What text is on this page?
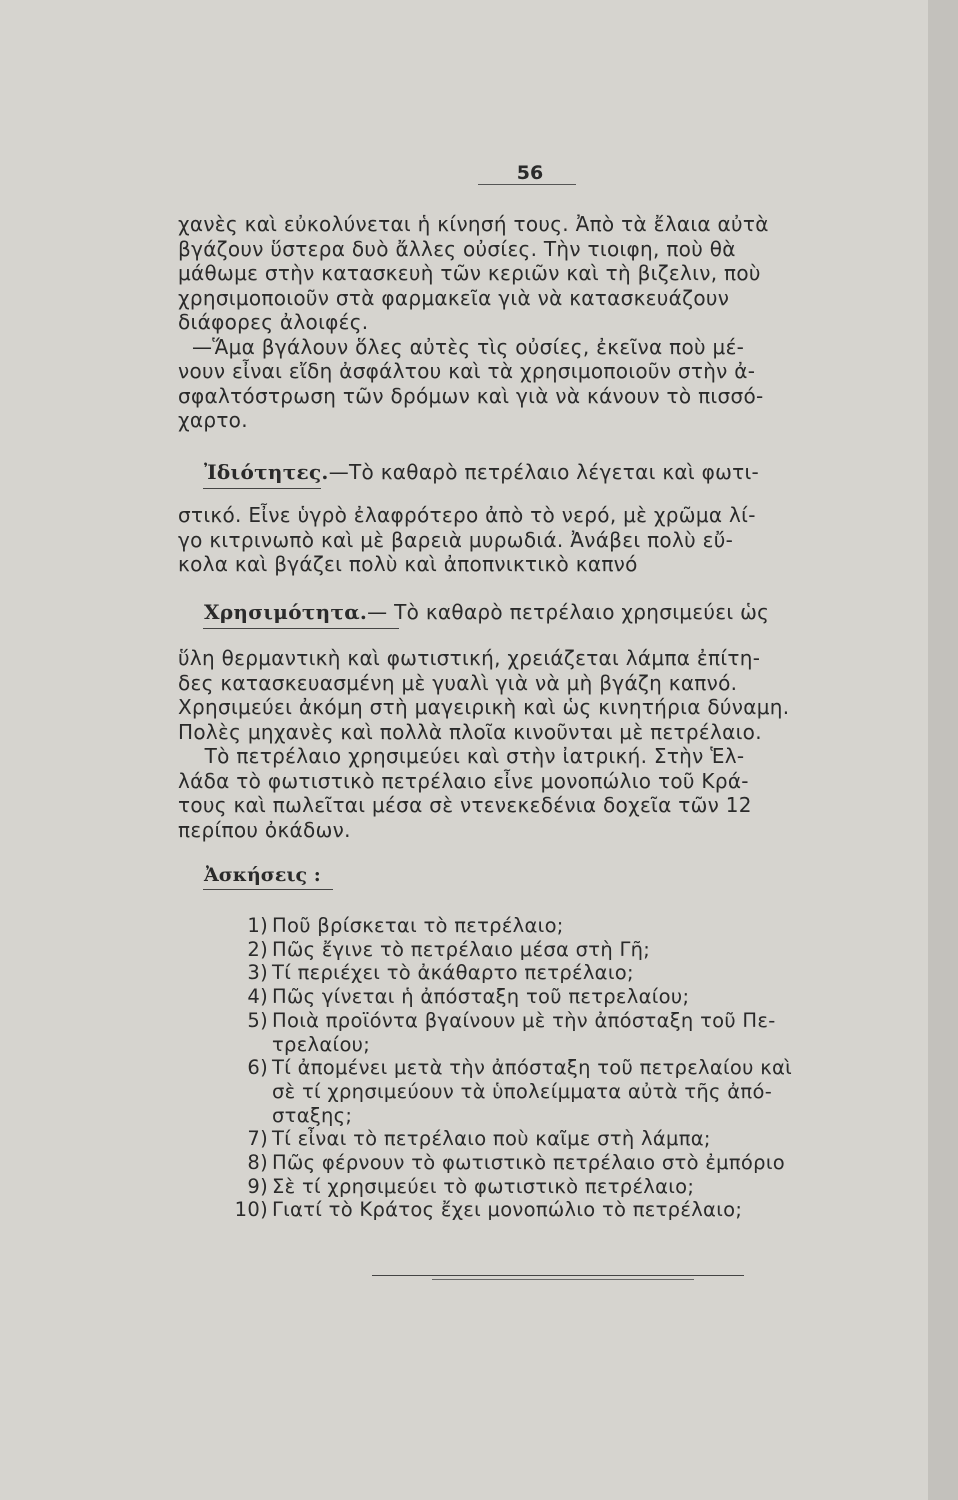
56
χανὲς καὶ εὐκολύνεται ἡ κίνησή τους. Ἀπὸ τὰ ἔλαια αὐτὰ
βγάζουν ὕστερα δυὸ ἄλλες οὐσίες. Τὴν τιοιφη, ποὺ θὰ
μάθωμε στὴν κατασκευὴ τῶν κεριῶν καὶ τὴ βιζελιν, ποὺ
χρησιμοποιοῦν στὰ φαρμακεῖα γιὰ νὰ κατασκευάζουν
διάφορες ἀλοιφές.
—Ἅμα βγάλουν ὅλες αὐτὲς τὶς οὐσίες, ἐκεῖνα ποὺ μέ-
νουν εἶναι εἴδη ἀσφάλτου καὶ τὰ χρησιμοποιοῦν στὴν ἀ-
σφαλτόστρωση τῶν δρόμων καὶ γιὰ νὰ κάνουν τὸ πισσό-
χαρτο.
Ἰδιότητες.—Τὸ καθαρὸ πετρέλαιο λέγεται καὶ φωτι-
στικό. Εἶνε ὑγρὸ ἐλαφρότερο ἀπὸ τὸ νερό, μὲ χρῶμα λί-
γο κιτρινωπὸ καὶ μὲ βαρειὰ μυρωδιά. Ἀνάβει πολὺ εὔ-
κολα καὶ βγάζει πολὺ καὶ ἀποπνικτικὸ καπνό
Χρησιμότητα.— Τὸ καθαρὸ πετρέλαιο χρησιμεύει ὡς
ὕλη θερμαντικὴ καὶ φωτιστική, χρειάζεται λάμπα ἐπίτη-
δες κατασκευασμένη μὲ γυαλὶ γιὰ νὰ μὴ βγάζη καπνό.
Χρησιμεύει ἀκόμη στὴ μαγειρικὴ καὶ ὡς κινητήρια δύναμη.
Πολὲς μηχανὲς καὶ πολλὰ πλοῖα κινοῦνται μὲ πετρέλαιο.
Τὸ πετρέλαιο χρησιμεύει καὶ στὴν ἰατρική. Στὴν Ἑλ-
λάδα τὸ φωτιστικὸ πετρέλαιο εἶνε μονοπώλιο τοῦ Κρά-
τους καὶ πωλεῖται μέσα σὲ ντενεκεδένια δοχεῖα τῶν 12
περίπου ὀκάδων.
Ἀσκήσεις :
1) Ποῦ βρίσκεται τὸ πετρέλαιο;
2) Πῶς ἔγινε τὸ πετρέλαιο μέσα στὴ Γῆ;
3) Τί περιέχει τὸ ἀκάθαρτο πετρέλαιο;
4) Πῶς γίνεται ἡ ἀπόσταξη τοῦ πετρελαίου;
5) Ποιὰ προϊόντα βγαίνουν μὲ τὴν ἀπόσταξη τοῦ Πε-
τρελαίου;
6) Τί ἀπομένει μετὰ τὴν ἀπόσταξη τοῦ πετρελαίου καὶ
σὲ τί χρησιμεύουν τὰ ὑπολείμματα αὐτὰ τῆς ἀπό-
σταξης;
7) Τί εἶναι τὸ πετρέλαιο ποὺ καῖμε στὴ λάμπα;
8) Πῶς φέρνουν τὸ φωτιστικὸ πετρέλαιο στὸ ἐμπόριο
9) Σὲ τί χρησιμεύει τὸ φωτιστικὸ πετρέλαιο;
10) Γιατί τὸ Κράτος ἔχει μονοπώλιο τὸ πετρέλαιο;
